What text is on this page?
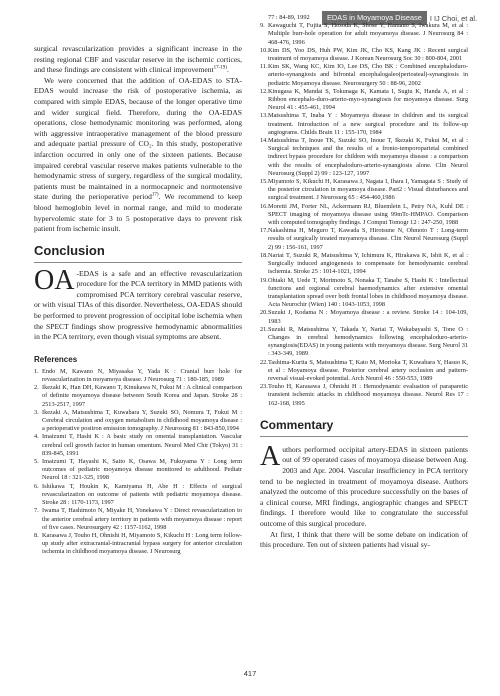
EDAS in Moyamoya Disease	I IJ Choi, et al.

surgical revascularization provides a significant increase in the resting regional CBF and vascular reserve in the ischemic cortices, and these findings are consistent with clinical improvement$^{17-19)}$.

We were concerned that the addition of OA-EDAS to STA-EDAS would increase the risk of postoperative ischemia, as compared with simple EDAS, because of the longer operative time and wider surgical field. Therefore, during the OA-EDAS operations, close hemodynamic monitoring was performed, along with aggressive intraoperative management of the blood pressure and adequate partial pressure of CO₂. In this study, postoperative infarction occurred in only one of the sixteen patients. Because impaired cerebral vascular reserve makes patients vulnerable to the hemodynamic stress of surgery, regardless of the surgical modality, patients must be maintained in a normocapneic and normotensive state during the perioperative period$^{17)}$. We recommend to keep blood hemoglobin level in normal range, and mild to moderate hypervolemic state for 3 to 5 postoperative days to prevent risk patient from ischemic insult.

Conclusion

OA -EDAS is a safe and an effective revascularization procedure for the PCA territory in MMD patients with compromised PCA territory cerebral vascular reserve, or with visual TIAs of this disorder. Nevertheless, OA-EDAS should be performed to prevent progression of occipital lobe ischemia when the SPECT findings show progressive hemodynamic abnormalities in the PCA territory, even though visual symptoms are absent.

References
1. Endo M, Kawano N, Miyasaka Y, Yada K : Cranial burr hole for revascularization in moyamoya disease. J Neurosurg 71 : 180-185, 1989
2. Ikezaki K, Han DH, Kawano T, Kinukawa N, Fukui M : A clinical comparison of definite moyamoya disease between South Korea and Japan. Stroke 28 : 2513-2517, 1997
3. Ikezaki A, Matsushima T, Kuwabara Y, Suzuki SO, Nomura T, Fukui M : Cerebral circulation and oxygen metabolism in childhood moyamoya disease : a perioperative positron emission tomography. J Neurosurg 81 : 843-850,1994
4. Imaizumi T, Hashi K : A basic study on omental transplantation. Vascular cerebral cell growth factor in human omentum. Neurol Med Chir (Tokyo) 31 : 839-845, 1991
5. Imaizumi T, Hayashi K, Saito K, Osawa M, Fukuyama Y : Long term outcomes of pediatric moyamoya disease monitored to adulthood. Pediatr Neurol 18 : 321-325, 1998
6. Ishikawa T, Houkin K, Kamiyama H, Abe H : Effects of surgical revascularization on outcome of patients with pediatric moyamoya disease. Stroke 28 : 1170-1173, 1997
7. Iwama T, Hashimoto N, Miyake H, Yonekawa Y : Direct revascularization to the anterior cerebral artery territory in patients with moyamoya disease : report of five cases. Neurosurgery 42 : 1157-1162, 1998
8. Karasawa J, Touho H, Ohnishi H, Miyamoto S, Kikuchi H : Long term follow-up study after extracranial-intracranial bypass surgery for anterior circulation ischemia in childhood moyamoya disease. J Neurosurg

77 : 84-89, 1992

9. Kawaguchi T, Fujita S, Hosoda K, Shose Y, Hamano S, Iwakura M, et al : Multiple burr-hole operation for adult moyamoya disease. J Neurosurg 84 : 468-476, 1996
10.Kim DS, Yoo DS, Huh PW, Kim JK, Cho KS, Kang JK : Recent surgical treatment of moyamoya disease. J Korean Neurosurg Soc 30 : 800-804, 2001
11.Kim SK, Wang KC, Kim IO, Lee DS, Cho BK : Combined encephaloduro-arterio-synangiosis and bifrontal encephalogaleo(periosteal)-synangiosis in pediatric Moyamoya disease. Neurosurgery 50 : 88-96, 2002
12.Kinugasa K, Mandai S, Tokunaga K, Kamata I, Sugiu K, Handa A, et al : Ribbon encephalo-duro-arterio-myo-synangiosis for moyamoya disease. Surg Neurol 41 : 455-461, 1994
13.Matsushima T, Inaba Y : Moyamoya disease in children and its surgical treatment. Introduction of a new surgical procedure and its follow-up angiograms. Childs Brain 11 : 155-170, 1984
14.Matsushima T, Inoue TK, Suzuki SO, Inoue T, Ikezaki K, Fukui M, et al : Surgical techniques and the results of a fronto-temporoparietal combined indirect bypass procedure for children with moyamoya disease : a comparison with the results of encephaloduro-arterio-synangiosis alone. Clin Neurol Neurosurg (Suppl 2) 99 : 123-127, 1997
15.Miyamoto S, Kikuchi H, Karasawa J, Nagata I, Ihara I, Yamagata S : Study of the posterior circulation in moyamoya disease. Part2 : Visual disturbances and surgical treatment. J Neurosurg 65 : 454-460,1986
16.Moretti JM, Forter NL, Ackermann RJ, Bluemlein L, Petry NA, Kuhl DE : SPECT imaging of moyamoya disease using 99mTc-HMPAO. Comparison with computed tomography findings. J Comput Tomogr 12 : 247-250, 1988
17.Nakashima H, Meguro T, Kawada S, Hirotsune N, Ohmoto T : Long-term results of surgically treated moyamoya disease. Clin Neurol Neurosurg (Suppl 2) 99 : 156-161, 1997
18.Nariai T, Suzuki R, Matsushima Y, Ichimura K, Hirakawa K, Ishii K, et al : Surgically induced angiogenesis to compensate for hemodynamic cerebral ischemia. Stroke 25 : 1014-1021, 1994
19.Ohtaki M, Uede T, Morimoto S, Nonaka T, Tanabe S, Hashi K : Intellectual functions and regional cerebral haemodynamics after extensive omental transplantation spread over both frontal lobes in childhood moyamoya disease. Acta Neurochir (Wien) 140 : 1043-1053, 1998
20.Suzuki J, Kodama N : Moyamoya disease : a review. Stroke 14 : 104-109, 1983
21.Suzuki R, Matsushima Y, Takada Y, Nariai T, Wakabayashi S, Tone O : Changes in cerebral hemodynamics following encephaloduro-arterio-synangiosis(EDAS) in young patients with moyamoya disease. Surg Neurol 31 : 343-349, 1989
22.Tashima-Kurita S, Matsushima T, Kato M, Morioka T, Kuwabara Y, Hasuo K, et al : Moyamoya disease. Posterior cerebral artery occlusion and pattern-reversal visual-evoked potential. Arch Neurol 46 : 550-553, 1989
23.Touho H, Karasawa J, Ohnishi H : Hemodynamic evaluation of paraparetic transient ischemic attacks in childhood moyamoya disease. Neurol Res 17 : 162-168, 1995
Commentary

Authors performed occipital artery-EDAS in sixteen patients out of 99 operated cases of moyamoya disease between Aug. 2003 and Apr. 2004. Vascular insufficiency in PCA territory tend to be neglected in treatment of moyamoya disease. Authors analyzed the outcome of this procedure successfully on the bases of a clinical course, MRI findings, angiographic changes and SPECT findings. I therefore would like to congratulate the successful outcome of this surgical procedure.

At first, I think that there will be some debate on indication of this procedure. Ten out of sixteen patients had visual sy-

417
